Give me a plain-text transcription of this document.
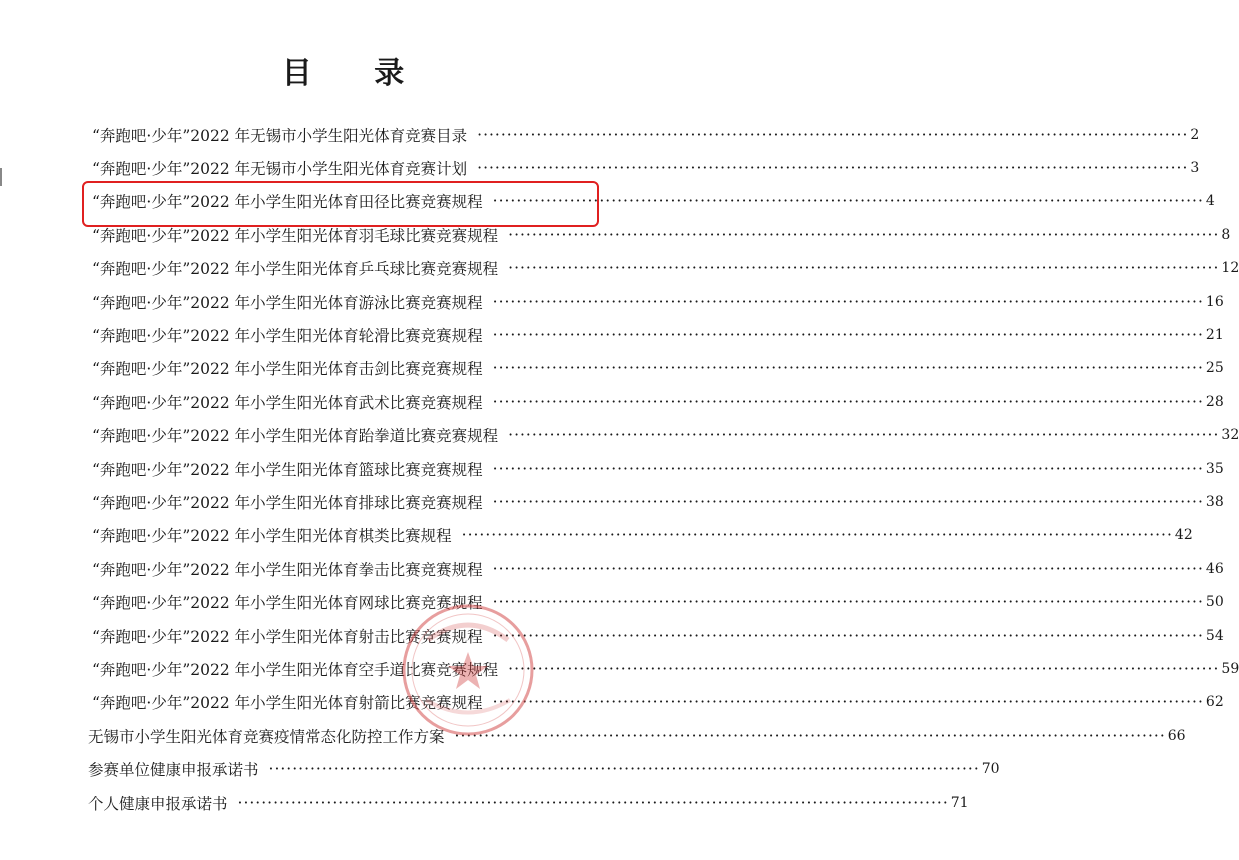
目 录
“奔跑吧·少年”2022 年无锡市小学生阳光体育竞赛目录 ························································································································ 2
“奔跑吧·少年”2022 年无锡市小学生阳光体育竞赛计划 ························································································································ 3
“奔跑吧·少年”2022 年小学生阳光体育田径比赛竞赛规程 ························································································································ 4
“奔跑吧·少年”2022 年小学生阳光体育羽毛球比赛竞赛规程 ························································································································ 8
“奔跑吧·少年”2022 年小学生阳光体育乒乓球比赛竞赛规程 ························································································································ 12
“奔跑吧·少年”2022 年小学生阳光体育游泳比赛竞赛规程 ························································································································ 16
“奔跑吧·少年”2022 年小学生阳光体育轮滑比赛竞赛规程 ························································································································ 21
“奔跑吧·少年”2022 年小学生阳光体育击剑比赛竞赛规程 ························································································································ 25
“奔跑吧·少年”2022 年小学生阳光体育武术比赛竞赛规程 ························································································································ 28
“奔跑吧·少年”2022 年小学生阳光体育跆拳道比赛竞赛规程 ························································································································ 32
“奔跑吧·少年”2022 年小学生阳光体育篮球比赛竞赛规程 ························································································································ 35
“奔跑吧·少年”2022 年小学生阳光体育排球比赛竞赛规程 ························································································································ 38
“奔跑吧·少年”2022 年小学生阳光体育棋类比赛规程 ························································································································ 42
“奔跑吧·少年”2022 年小学生阳光体育拳击比赛竞赛规程 ························································································································ 46
“奔跑吧·少年”2022 年小学生阳光体育网球比赛竞赛规程 ························································································································ 50
“奔跑吧·少年”2022 年小学生阳光体育射击比赛竞赛规程 ························································································································ 54
“奔跑吧·少年”2022 年小学生阳光体育空手道比赛竞赛规程 ························································································································ 59
“奔跑吧·少年”2022 年小学生阳光体育射箭比赛竞赛规程 ························································································································ 62
无锡市小学生阳光体育竞赛疫情常态化防控工作方案 ························································································································ 66
参赛单位健康申报承诺书 ························································································································ 70
个人健康申报承诺书 ························································································································ 71
